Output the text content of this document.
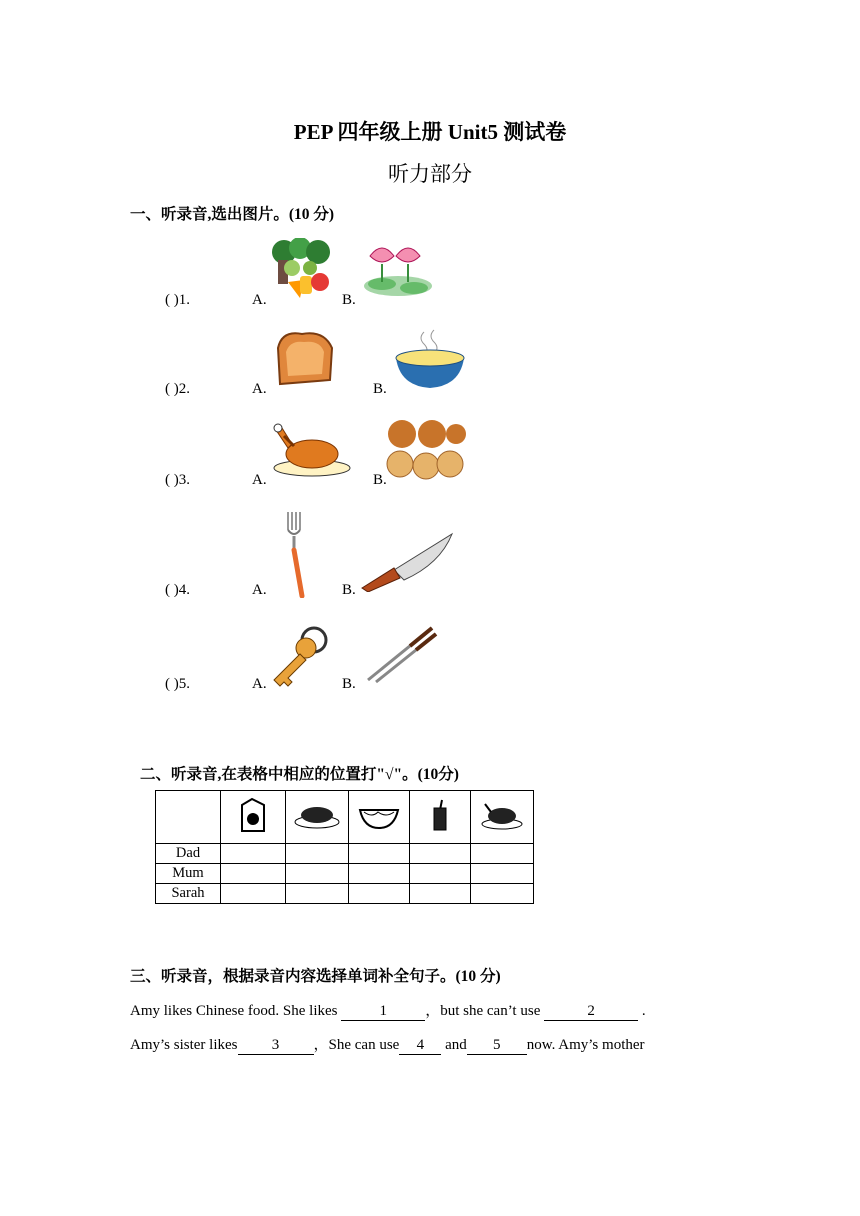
PEP 四年级上册 Unit5 测试卷
听力部分
一、听录音,选出图片。(10 分)
( )1.	A.	B.
( )2.	A.	B.
( )3.	A.	B.
( )4.	A.	B.
( )5.	A.	B.
二、听录音,在表格中相应的位置打"√"。(10分)

Dad					
Mum					
Sarah					
三、听录音，根据录音内容选择单词补全句子。(10 分)
Amy likes Chinese food. She likes	1	，but she can’t use	2	.
Amy’s sister likes 3 ，She can use 4 and 5 now. Amy’s mother
